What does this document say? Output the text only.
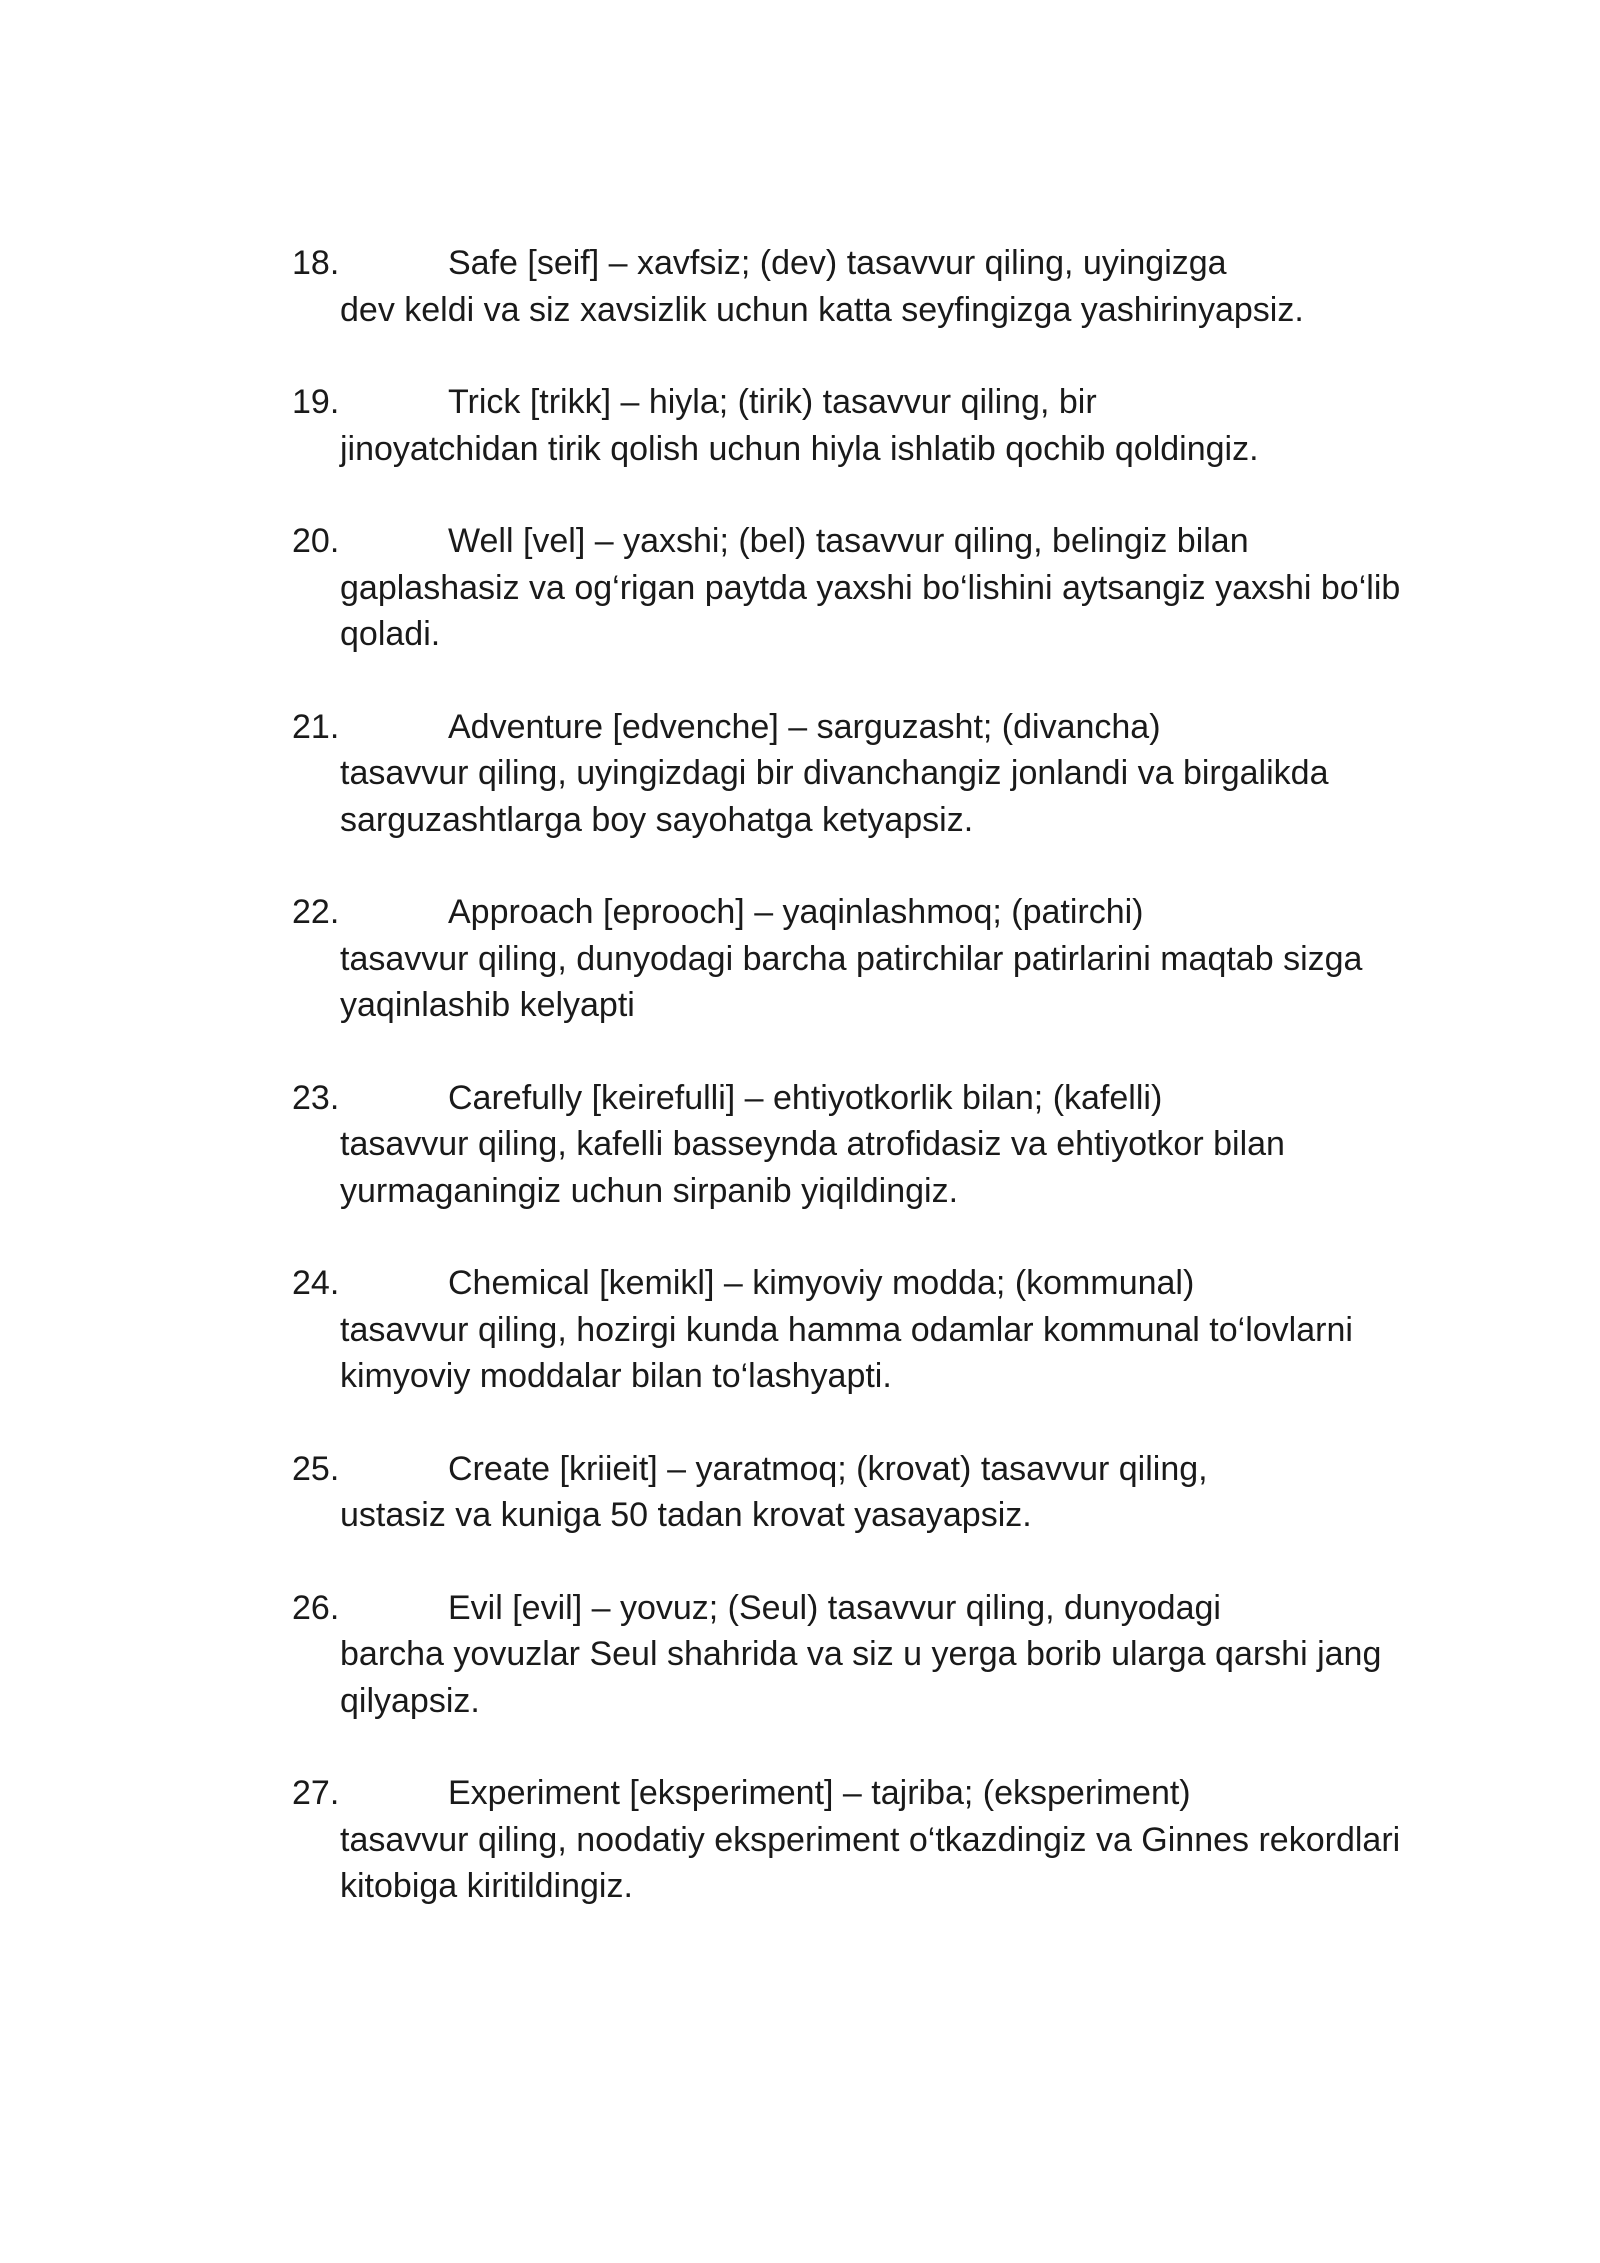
18.	Safe [seif] – xavfsiz; (dev) tasavvur qiling, uyingizga
dev keldi va siz xavsizlik uchun katta seyfingizga yashirinyapsiz.
19.	Trick [trikk] – hiyla; (tirik) tasavvur qiling, bir
jinoyatchidan tirik qolish uchun hiyla ishlatib qochib qoldingiz.
20.	Well [vel] – yaxshi; (bel) tasavvur qiling, belingiz bilan
gaplashasiz va og‘rigan paytda yaxshi bo‘lishini aytsangiz yaxshi bo‘lib qoladi.
21.	Adventure [edvenche] – sarguzasht; (divancha)
tasavvur qiling, uyingizdagi bir divanchangiz jonlandi va birgalikda sarguzashtlarga boy sayohatga ketyapsiz.
22.	Approach [eprooch] – yaqinlashmoq; (patirchi)
tasavvur qiling, dunyodagi barcha patirchilar patirlarini maqtab sizga yaqinlashib kelyapti
23.	Carefully [keirefulli] – ehtiyotkorlik bilan; (kafelli)
tasavvur qiling, kafelli basseynda atrofidasiz va ehtiyotkor bilan yurmaganingiz uchun sirpanib yiqildingiz.
24.	Chemical [kemikl] – kimyoviy modda; (kommunal)
tasavvur qiling, hozirgi kunda hamma odamlar kommunal to‘lovlarni kimyoviy moddalar bilan to‘lashyapti.
25.	Create [kriieit] – yaratmoq; (krovat) tasavvur qiling,
ustasiz va kuniga 50 tadan krovat yasayapsiz.
26.	Evil [evil] – yovuz; (Seul) tasavvur qiling, dunyodagi
barcha yovuzlar Seul shahrida va siz u yerga borib ularga qarshi jang qilyapsiz.
27.	Experiment [eksperiment] – tajriba; (eksperiment)
tasavvur qiling, noodatiy eksperiment o‘tkazdingiz va Ginnes rekordlari kitobiga kiritildingiz.
